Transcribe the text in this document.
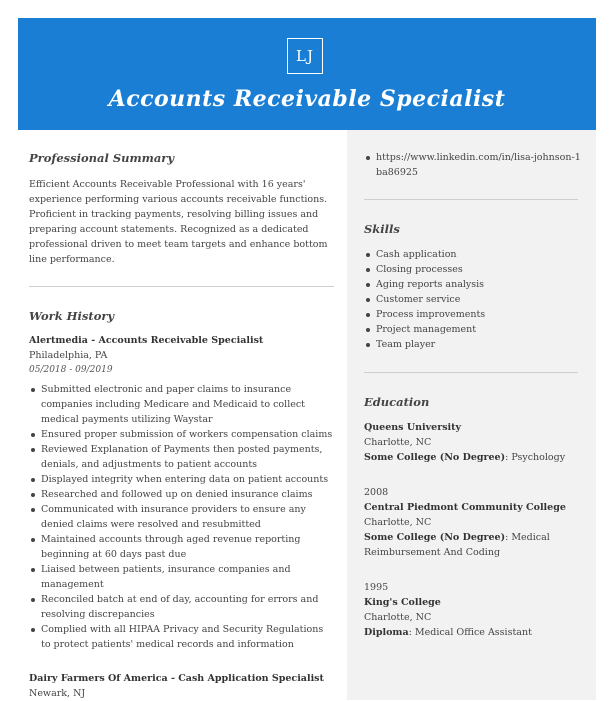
LJ
Accounts Receivable Specialist
Professional Summary
Efficient Accounts Receivable Professional with 16 years' experience performing various accounts receivable functions. Proficient in tracking payments, resolving billing issues and preparing account statements. Recognized as a dedicated professional driven to meet team targets and enhance bottom line performance.
Work History
Alertmedia - Accounts Receivable Specialist
Philadelphia, PA
05/2018 - 09/2019
Submitted electronic and paper claims to insurance companies including Medicare and Medicaid to collect medical payments utilizing Waystar
Ensured proper submission of workers compensation claims
Reviewed Explanation of Payments then posted payments, denials, and adjustments to patient accounts
Displayed integrity when entering data on patient accounts
Researched and followed up on denied insurance claims
Communicated with insurance providers to ensure any denied claims were resolved and resubmitted
Maintained accounts through aged revenue reporting beginning at 60 days past due
Liaised between patients, insurance companies and management
Reconciled batch at end of day, accounting for errors and resolving discrepancies
Complied with all HIPAA Privacy and Security Regulations to protect patients' medical records and information
Dairy Farmers Of America - Cash Application Specialist
Newark, NJ
https://www.linkedin.com/in/lisa-johnson-1ba86925
Skills
Cash application
Closing processes
Aging reports analysis
Customer service
Process improvements
Project management
Team player
Education
Queens University
Charlotte, NC
Some College (No Degree): Psychology
2008
Central Piedmont Community College
Charlotte, NC
Some College (No Degree): Medical Reimbursement And Coding
1995
King's College
Charlotte, NC
Diploma: Medical Office Assistant
